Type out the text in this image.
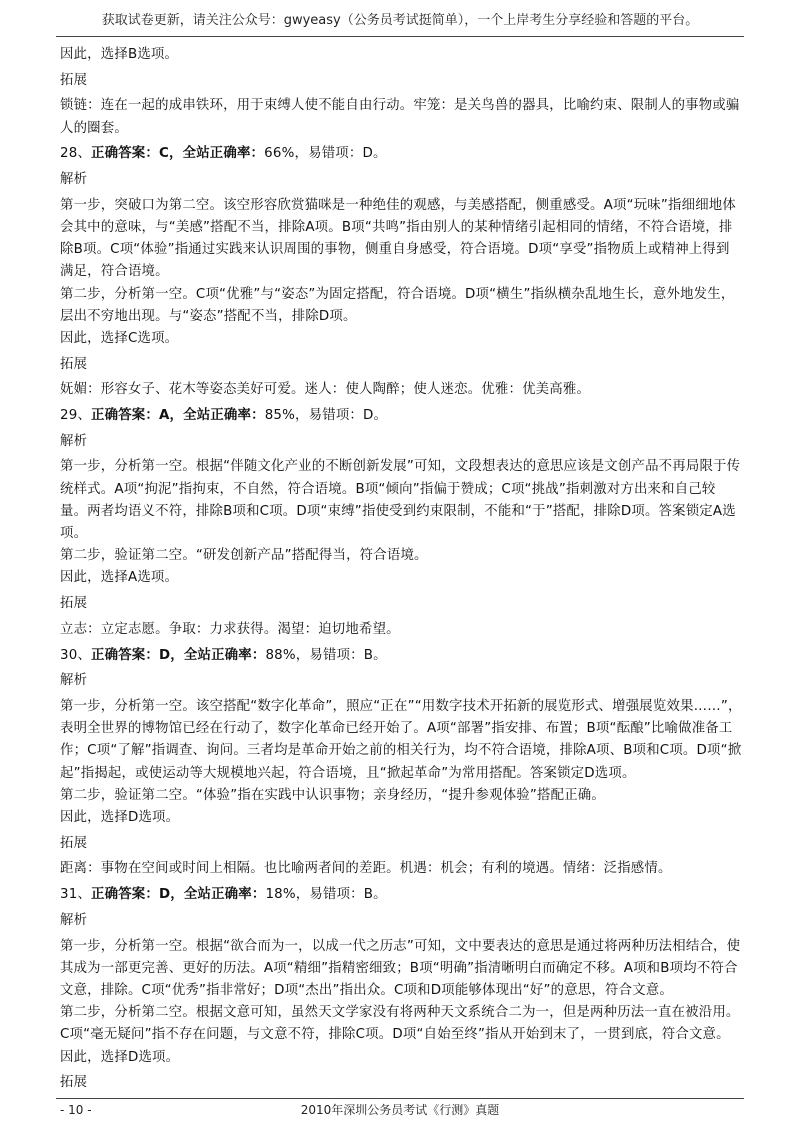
获取试卷更新，请关注公众号：gwyeasy（公务员考试挺简单），一个上岸考生分享经验和答题的平台。

因此，选择B选项。

拓展

锁链：连在一起的成串铁环，用于束缚人使不能自由行动。牢笼：是关鸟兽的器具，比喻约束、限制人的事物或骗人的圈套。

28、正确答案：C，全站正确率：66%，易错项：D。

解析

第一步，突破口为第二空。该空形容欣赏猫咪是一种绝佳的观感，与美感搭配，侧重感受。A项“玩味”指细细地体会其中的意味，与“美感”搭配不当，排除A项。B项“共鸣”指由别人的某种情绪引起相同的情绪，不符合语境，排除B项。C项“体验”指通过实践来认识周围的事物，侧重自身感受，符合语境。D项“享受”指物质上或精神上得到满足，符合语境。

第二步，分析第一空。C项“优雅”与“姿态”为固定搭配，符合语境。D项“横生”指纵横杂乱地生长，意外地发生，层出不穷地出现。与“姿态”搭配不当，排除D项。

因此，选择C选项。

拓展

妩媚：形容女子、花木等姿态美好可爱。迷人：使人陶醉；使人迷恋。优雅：优美高雅。

29、正确答案：A，全站正确率：85%，易错项：D。

解析

第一步，分析第一空。根据“伴随文化产业的不断创新发展”可知，文段想表达的意思应该是文创产品不再局限于传统样式。A项“拘泥”指拘束，不自然，符合语境。B项“倾向”指偏于赞成；C项“挑战”指刺激对方出来和自己较量。两者均语义不符，排除B项和C项。D项“束缚”指使受到约束限制，不能和“于”搭配，排除D项。答案锁定A选项。

第二步，验证第二空。“研发创新产品”搭配得当，符合语境。

因此，选择A选项。

拓展

立志：立定志愿。争取：力求获得。渴望：迫切地希望。

30、正确答案：D，全站正确率：88%，易错项：B。

解析

第一步，分析第一空。该空搭配“数字化革命”，照应“正在”“用数字技术开拓新的展览形式、增强展览效果……”，表明全世界的博物馆已经在行动了，数字化革命已经开始了。A项“部署”指安排、布置；B项“酝酿”比喻做准备工作；C项“了解”指调查、询问。三者均是革命开始之前的相关行为，均不符合语境，排除A项、B项和C项。D项“掀起”指揭起，或使运动等大规模地兴起，符合语境，且“掀起革命”为常用搭配。答案锁定D选项。

第二步，验证第二空。“体验”指在实践中认识事物；亲身经历，“提升参观体验”搭配正确。

因此，选择D选项。

拓展

距离：事物在空间或时间上相隔。也比喻两者间的差距。机遇：机会；有利的境遇。情绪：泛指感情。

31、正确答案：D，全站正确率：18%，易错项：B。

解析

第一步，分析第一空。根据“欲合而为一，以成一代之历志”可知，文中要表达的意思是通过将两种历法相结合，使其成为一部更完善、更好的历法。A项“精细”指精密细致；B项“明确”指清晰明白而确定不移。A项和B项均不符合文意，排除。C项“优秀”指非常好；D项“杰出”指出众。C项和D项能够体现出“好”的意思，符合文意。

第二步，分析第二空。根据文意可知，虽然天文学家没有将两种天文系统合二为一，但是两种历法一直在被沿用。C项“毫无疑问”指不存在问题，与文意不符，排除C项。D项“自始至终”指从开始到末了，一贯到底，符合文意。

因此，选择D选项。

拓展

- 10 -	2010年深圳公务员考试《行测》真题
